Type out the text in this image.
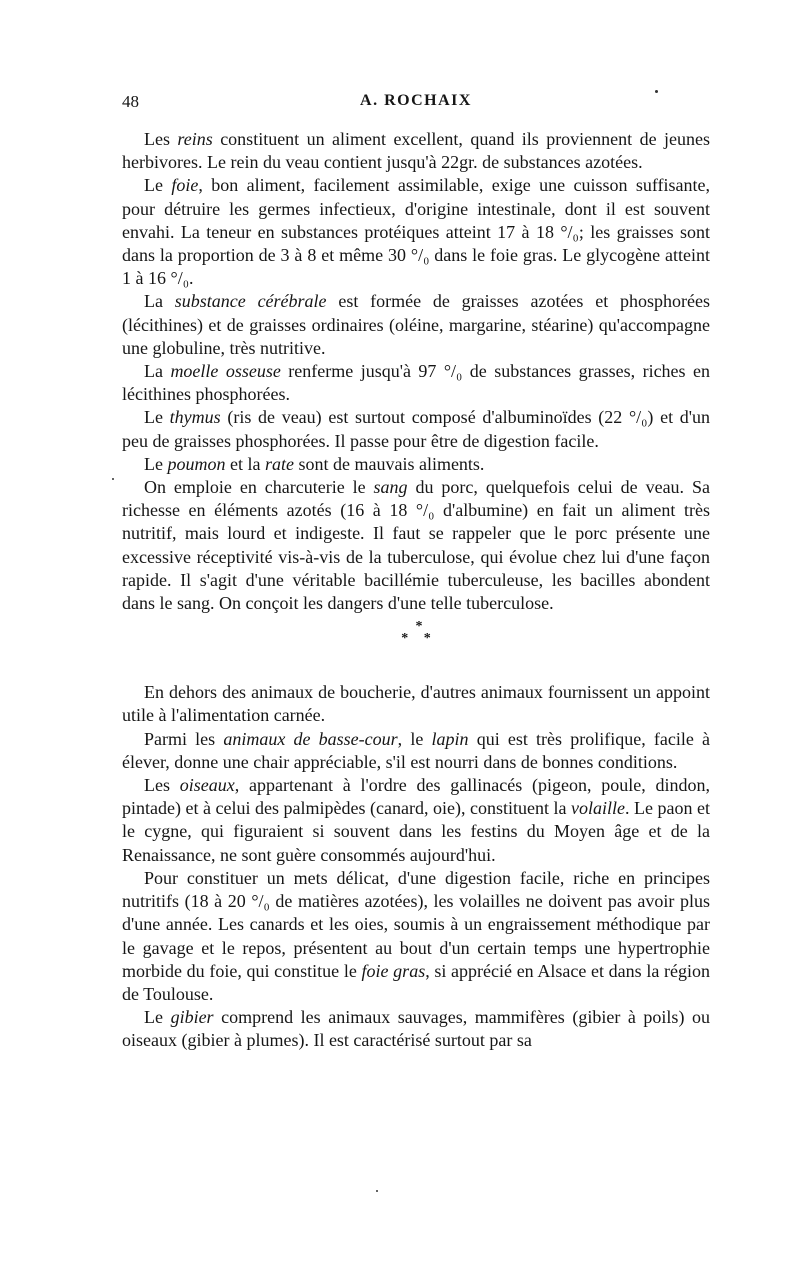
48	A. ROCHAIX

Les reins constituent un aliment excellent, quand ils proviennent de jeunes herbivores. Le rein du veau contient jusqu'à 22gr. de substances azotées.

Le foie, bon aliment, facilement assimilable, exige une cuisson suffisante, pour détruire les germes infectieux, d'origine intestinale, dont il est souvent envahi. La teneur en substances protéiques atteint 17 à 18 °/₀; les graisses sont dans la proportion de 3 à 8 et même 30 °/₀ dans le foie gras. Le glycogène atteint 1 à 16 °/₀.

La substance cérébrale est formée de graisses azotées et phosphorées (lécithines) et de graisses ordinaires (oléine, margarine, stéarine) qu'accompagne une globuline, très nutritive.

La moelle osseuse renferme jusqu'à 97 °/₀ de substances grasses, riches en lécithines phosphorées.

Le thymus (ris de veau) est surtout composé d'albuminoïdes (22 °/₀) et d'un peu de graisses phosphorées. Il passe pour être de digestion facile.

Le poumon et la rate sont de mauvais aliments.

On emploie en charcuterie le sang du porc, quelquefois celui de veau. Sa richesse en éléments azotés (16 à 18 °/₀ d'albumine) en fait un aliment très nutritif, mais lourd et indigeste. Il faut se rappeler que le porc présente une excessive réceptivité vis-à-vis de la tuberculose, qui évolue chez lui d'une façon rapide. Il s'agit d'une véritable bacillémie tuberculeuse, les bacilles abondent dans le sang. On conçoit les dangers d'une telle tuberculose.

*
* *

En dehors des animaux de boucherie, d'autres animaux fournissent un appoint utile à l'alimentation carnée.

Parmi les animaux de basse-cour, le lapin qui est très prolifique, facile à élever, donne une chair appréciable, s'il est nourri dans de bonnes conditions.

Les oiseaux, appartenant à l'ordre des gallinacés (pigeon, poule, dindon, pintade) et à celui des palmipèdes (canard, oie), constituent la volaille. Le paon et le cygne, qui figuraient si souvent dans les festins du Moyen âge et de la Renaissance, ne sont guère consommés aujourd'hui.

Pour constituer un mets délicat, d'une digestion facile, riche en principes nutritifs (18 à 20 °/₀ de matières azotées), les volailles ne doivent pas avoir plus d'une année. Les canards et les oies, soumis à un engraissement méthodique par le gavage et le repos, présentent au bout d'un certain temps une hypertrophie morbide du foie, qui constitue le foie gras, si apprécié en Alsace et dans la région de Toulouse.

Le gibier comprend les animaux sauvages, mammifères (gibier à poils) ou oiseaux (gibier à plumes). Il est caractérisé surtout par sa
